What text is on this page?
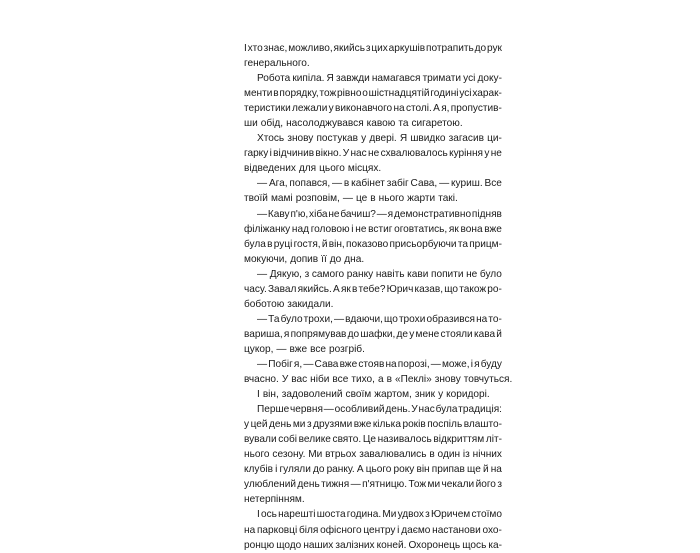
І хто знає, можливо, якийсь з цих аркушів потрапить до рук
генерального.
Робота кипіла. Я завжди намагався тримати усі доку-
менти в порядку, тож рівно о шістнадцятій годині усі харак-
теристики лежали у виконавчого на столі. А я, пропустив-
ши обід, насолоджувався кавою та сигаретою.
Хтось знову постукав у двері. Я швидко загасив ци-
гарку і відчинив вікно. У нас не схвалювалось куріння у не
відведених для цього місцях.
— Ага, попався, — в кабінет забіг Сава, — куриш. Все
твоїй мамі розповім, — це в нього жарти такі.
— Каву п'ю, хіба не бачиш? — я демонстративно підняв
філіжанку над головою і не встиг оговтатись, як вона вже
була в руці гостя, й він, показово присьорбуючи та прицм-
мокуючи, допив її до дна.
— Дякую, з самого ранку навіть кави попити не було
часу. Завал якийсь. А як в тебе? Юрич казав, що також ро-
боботою закидали.
— Та було трохи, — вдаючи, що трохи образився на то-
вариша, я попрямував до шафки, де у мене стояли кава й
цукор, — вже все розгріб.
— Побіг я, — Сава вже стояв на порозі, — може, і я буду
вчасно. У вас ніби все тихо, а в «Пеклі» знову товчуться.
І він, задоволений своїм жартом, зник у коридорі.
Перше червня — особливий день. У нас була традиція:
у цей день ми з друзями вже кілька років поспіль влашто-
вували собі велике свято. Це називалось відкриттям літ-
нього сезону. Ми втрьох завалювались в один із нічних
клубів і гуляли до ранку. А цього року він припав ще й на
улюблений день тижня — п'ятницю. Тож ми чекали його з
нетерпінням.
І ось нарешті шоста година. Ми удвох з Юричем стоїмо
на парковці біля офісного центру і даємо настанови охо-
ронцю щодо наших залізних коней. Охоронець щось ка-
